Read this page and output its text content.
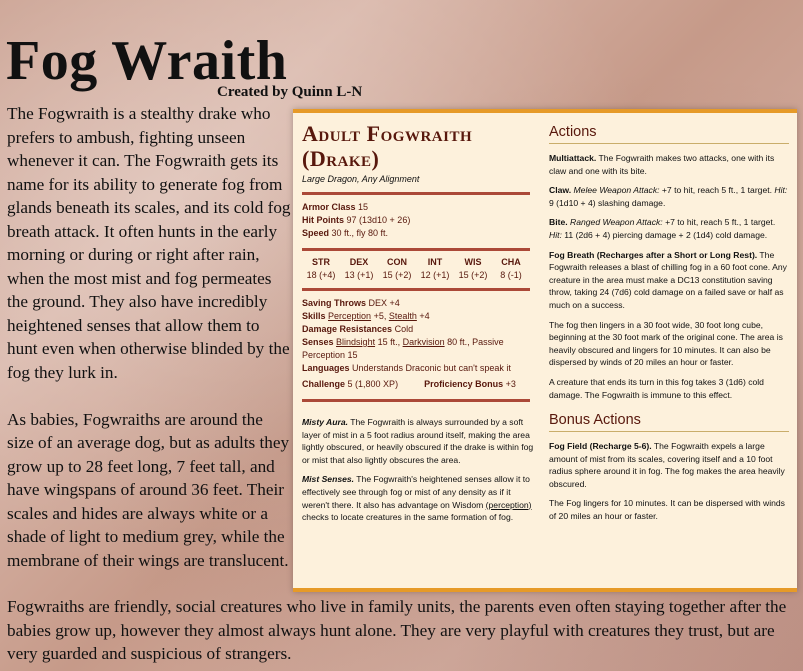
Fog Wraith
Created by Quinn L-N

The Fogwraith is a stealthy drake who prefers to ambush, fighting unseen whenever it can. The Fogwraith gets its name for its ability to generate fog from glands beneath its scales, and its cold fog breath attack. It often hunts in the early morning or during or right after rain, when the most mist and fog permeates the ground. They also have incredibly heightened senses that allow them to hunt even when otherwise blinded by the fog they lurk in.

As babies, Fogwraiths are around the size of an average dog, but as adults they grow up to 28 feet long, 7 feet tall, and have wingspans of around 36 feet. Their scales and hides are always white or a shade of light to medium grey, while the membrane of their wings are translucent.

Adult Fogwraith
(Drake)
Large Dragon, Any Alignment
Armor Class 15
Hit Points 97 (13d10 + 26)
Speed 30 ft., fly 80 ft.
STR
18 (+4)
DEX
13 (+1)
CON
15 (+2)
INT
12 (+1)
WIS
15 (+2)
CHA
8 (-1)
Saving Throws DEX +4
Skills Perception +5, Stealth +4
Damage Resistances Cold
Senses Blindsight 15 ft., Darkvision 80 ft., Passive Perception 15
Languages Understands Draconic but can't speak it
Challenge 5 (1,800 XP)	Proficiency Bonus +3
Misty Aura. The Fogwraith is always surrounded by a soft layer of mist in a 5 foot radius around itself, making the area lightly obscured, or heavily obscured if the drake is within fog or mist that also lightly obscures the area.
Mist Senses. The Fogwraith's heightened senses allow it to effectively see through fog or mist of any density as if it weren't there. It also has advantage on Wisdom (perception) checks to locate creatures in the same formation of fog.
Actions
Multiattack. The Fogwraith makes two attacks, one with its claw and one with its bite.
Claw. Melee Weapon Attack: +7 to hit, reach 5 ft., 1 target. Hit: 9 (1d10 + 4) slashing damage.
Bite. Ranged Weapon Attack: +7 to hit, reach 5 ft., 1 target. Hit: 11 (2d6 + 4) piercing damage + 2 (1d4) cold damage.
Fog Breath (Recharges after a Short or Long Rest). The Fogwraith releases a blast of chilling fog in a 60 foot cone. Any creature in the area must make a DC13 constitution saving throw, taking 24 (7d6) cold damage on a failed save or half as much on a success.
The fog then lingers in a 30 foot wide, 30 foot long cube, beginning at the 30 foot mark of the original cone. The area is heavily obscured and lingers for 10 minutes. It can also be dispersed by winds of 20 miles an hour or faster.
A creature that ends its turn in this fog takes 3 (1d6) cold damage. The Fogwraith is immune to this effect.
Bonus Actions
Fog Field (Recharge 5-6). The Fogwraith expels a large amount of mist from its scales, covering itself and a 10 foot radius sphere around it in fog. The fog makes the area heavily obscured.
The Fog lingers for 10 minutes. It can be dispersed with winds of 20 miles an hour or faster.
Fogwraiths are friendly, social creatures who live in family units, the parents even often staying together after the babies grow up, however they almost always hunt alone. They are very playful with creatures they trust, but are very guarded and suspicious of strangers.
